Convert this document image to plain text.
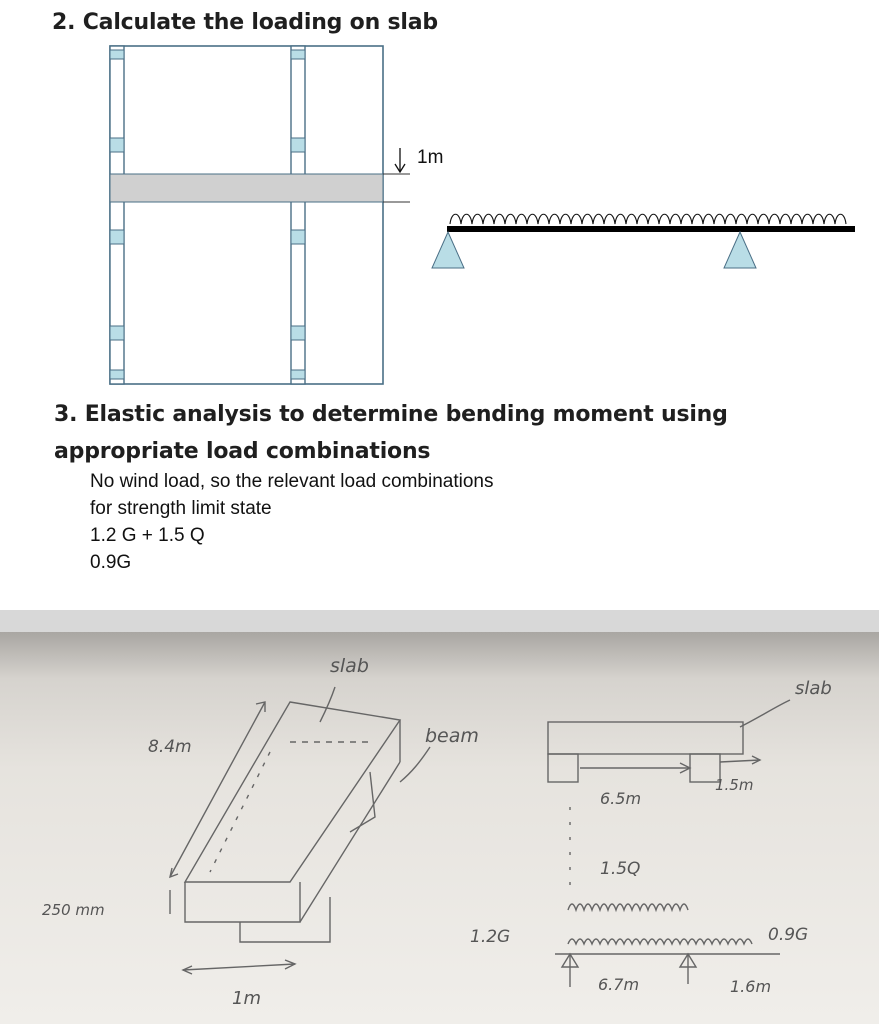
2. Calculate the loading on slab
1m
3. Elastic analysis to determine bending moment using
appropriate load combinations
No wind load, so the relevant load combinations
for strength limit state
1.2 G + 1.5 Q
0.9G
slab
slab
beam
8.4m
250 mm
1m
6.5m
1.5m
1.5Q
1.2G	0.9G
6.7m	1.6m
